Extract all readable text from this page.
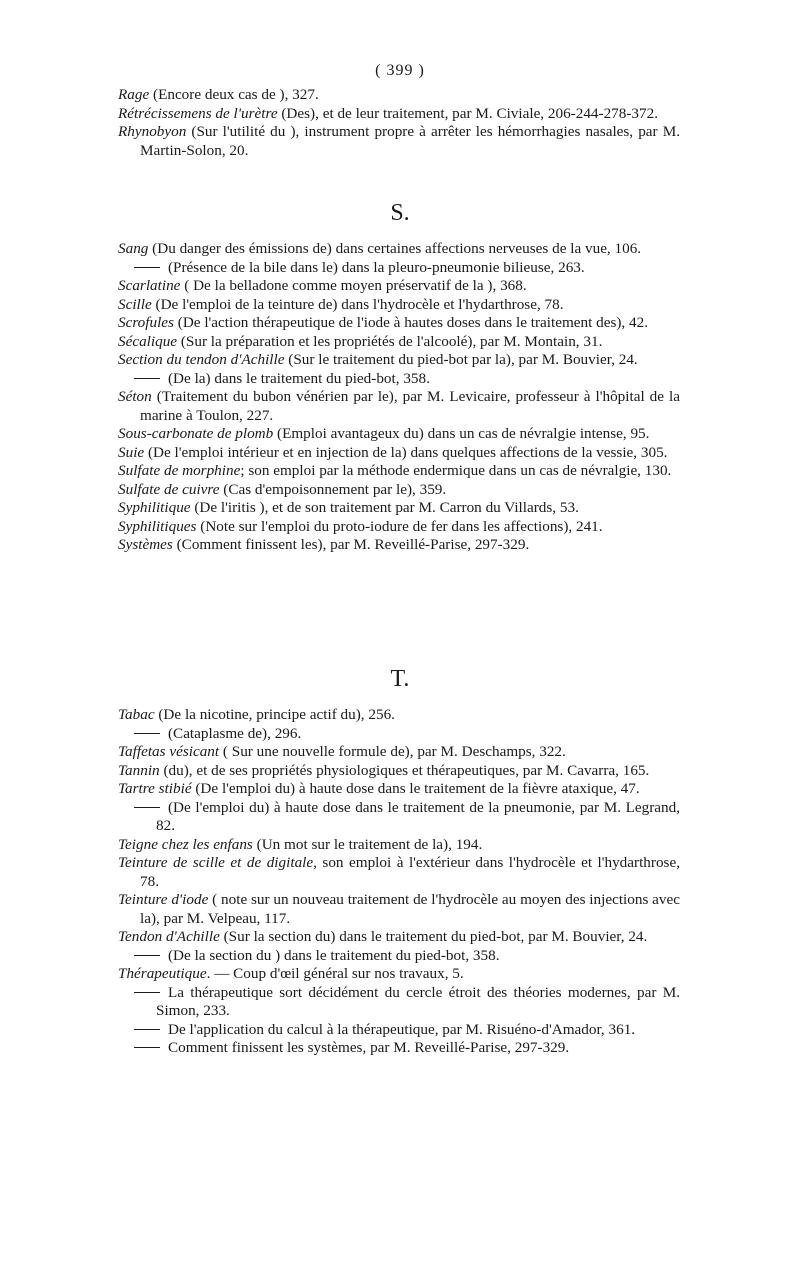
( 399 )

Rage (Encore deux cas de ), 327.

Rétrécissemens de l'urètre (Des), et de leur traitement, par M. Civiale, 206-244-278-372.

Rhynobyon (Sur l'utilité du ), instrument propre à arrêter les hémorrhagies nasales, par M. Martin-Solon, 20.

S.

Sang (Du danger des émissions de) dans certaines affections nerveuses de la vue, 106.

(Présence de la bile dans le) dans la pleuro-pneumonie bilieuse, 263.

Scarlatine ( De la belladone comme moyen préservatif de la ), 368.

Scille (De l'emploi de la teinture de) dans l'hydrocèle et l'hydarthrose, 78.

Scrofules (De l'action thérapeutique de l'iode à hautes doses dans le traitement des), 42.

Sécalique (Sur la préparation et les propriétés de l'alcoolé), par M. Montain, 31.

Section du tendon d'Achille (Sur le traitement du pied-bot par la), par M. Bouvier, 24.

(De la) dans le traitement du pied-bot, 358.

Séton (Traitement du bubon vénérien par le), par M. Levicaire, professeur à l'hôpital de la marine à Toulon, 227.

Sous-carbonate de plomb (Emploi avantageux du) dans un cas de névralgie intense, 95.

Suie (De l'emploi intérieur et en injection de la) dans quelques affections de la vessie, 305.

Sulfate de morphine; son emploi par la méthode endermique dans un cas de névralgie, 130.

Sulfate de cuivre (Cas d'empoisonnement par le), 359.

Syphilitique (De l'iritis ), et de son traitement par M. Carron du Villards, 53.

Syphilitiques (Note sur l'emploi du proto-iodure de fer dans les affections), 241.

Systèmes (Comment finissent les), par M. Reveillé-Parise, 297-329.

T.

Tabac (De la nicotine, principe actif du), 256.

(Cataplasme de), 296.

Taffetas vésicant ( Sur une nouvelle formule de), par M. Deschamps, 322.

Tannin (du), et de ses propriétés physiologiques et thérapeutiques, par M. Cavarra, 165.

Tartre stibié (De l'emploi du) à haute dose dans le traitement de la fièvre ataxique, 47.

(De l'emploi du) à haute dose dans le traitement de la pneumonie, par M. Legrand, 82.

Teigne chez les enfans (Un mot sur le traitement de la), 194.

Teinture de scille et de digitale, son emploi à l'extérieur dans l'hydrocèle et l'hydarthrose, 78.

Teinture d'iode ( note sur un nouveau traitement de l'hydrocèle au moyen des injections avec la), par M. Velpeau, 117.

Tendon d'Achille (Sur la section du) dans le traitement du pied-bot, par M. Bouvier, 24.

(De la section du ) dans le traitement du pied-bot, 358.

Thérapeutique. — Coup d'œil général sur nos travaux, 5.

La thérapeutique sort décidément du cercle étroit des théories modernes, par M. Simon, 233.

De l'application du calcul à la thérapeutique, par M. Risuéno-d'Amador, 361.

Comment finissent les systèmes, par M. Reveillé-Parise, 297-329.
